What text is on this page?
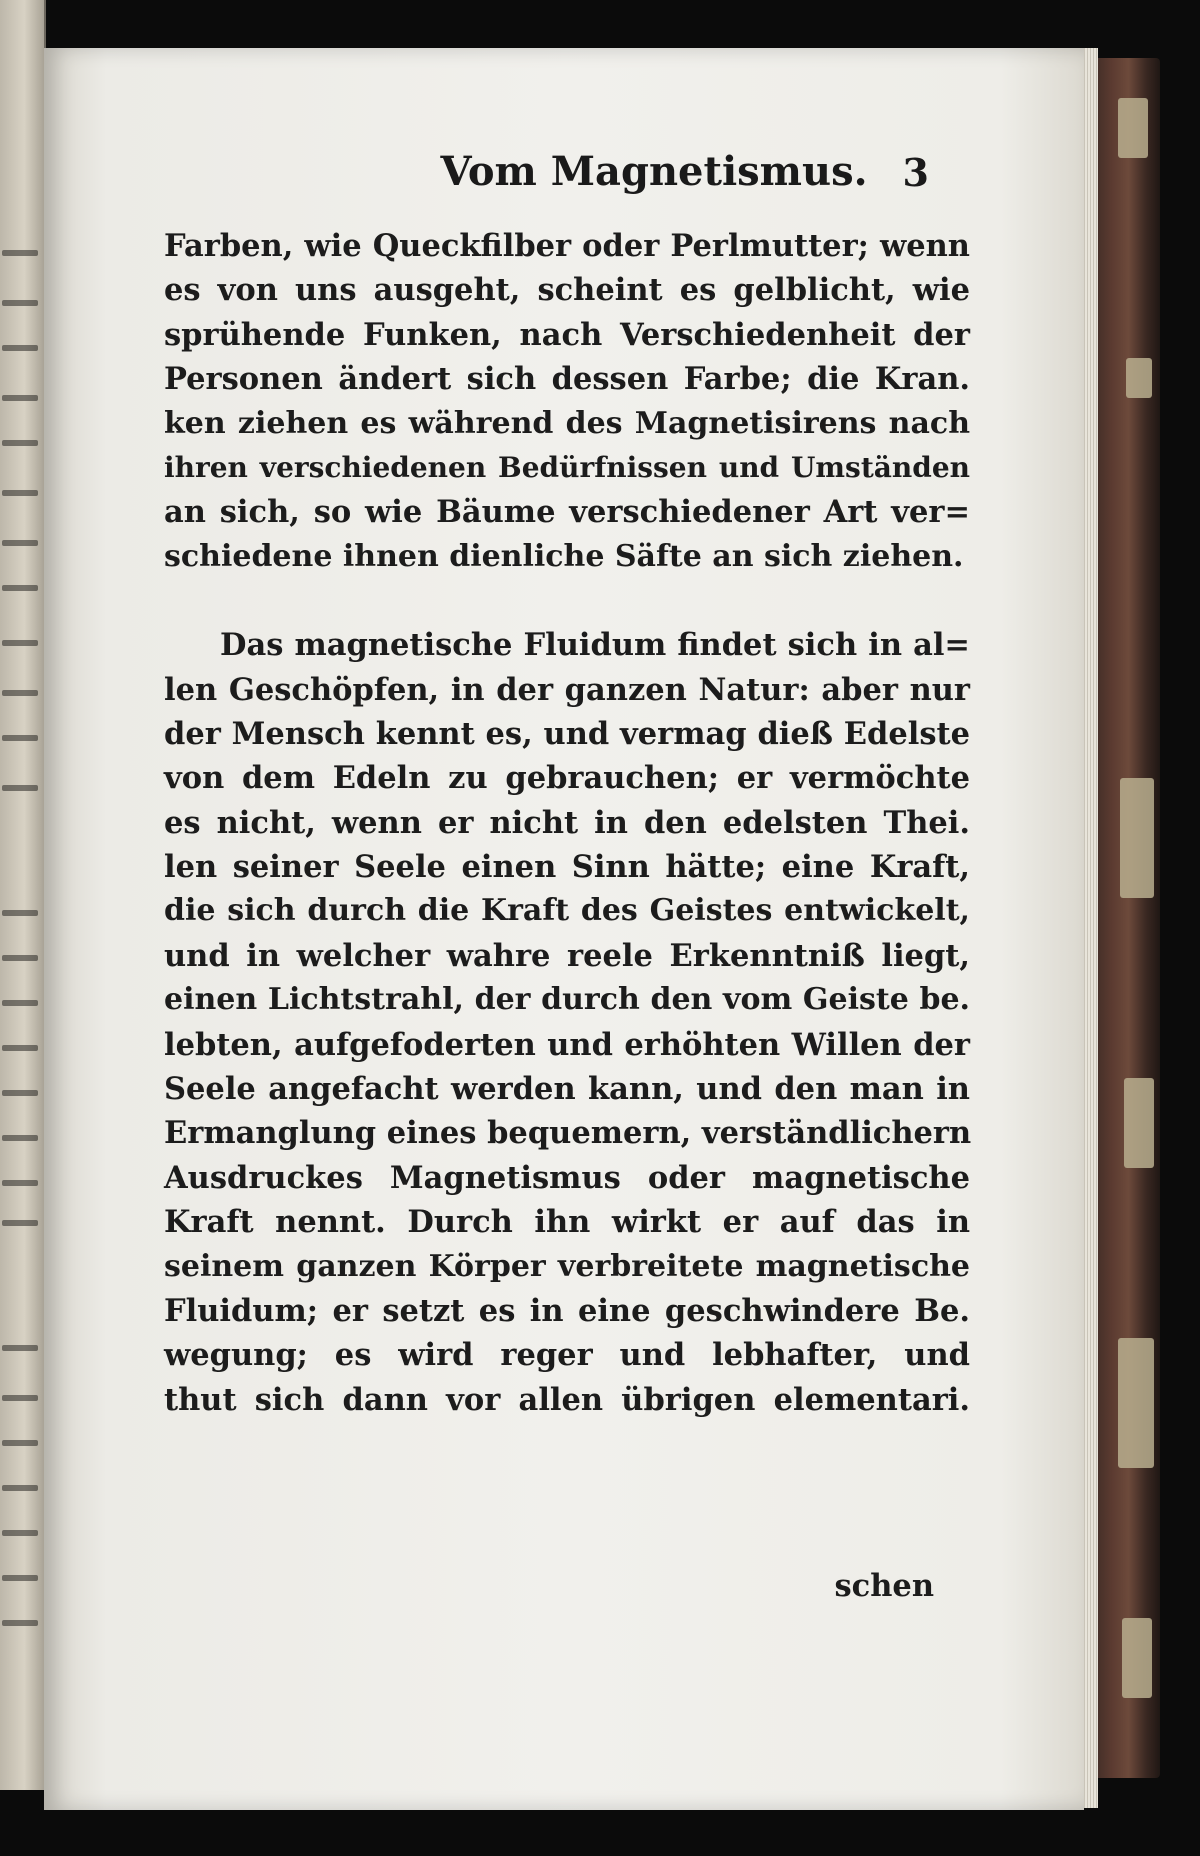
Vom Magnetismus. 3
Farben, wie Queckfilber oder Perlmutter; wenn
es von uns ausgeht, scheint es gelblicht, wie
sprühende Funken, nach Verschiedenheit der
Personen ändert sich dessen Farbe; die Kran.
ken ziehen es während des Magnetisirens nach
ihren verschiedenen Bedürfnissen und Umständen
an sich, so wie Bäume verschiedener Art ver=
schiedene ihnen dienliche Säfte an sich ziehen.
Das magnetische Fluidum findet sich in al=
len Geschöpfen, in der ganzen Natur: aber nur
der Mensch kennt es, und vermag dieß Edelste
von dem Edeln zu gebrauchen; er vermöchte
es nicht, wenn er nicht in den edelsten Thei.
len seiner Seele einen Sinn hätte; eine Kraft,
die sich durch die Kraft des Geistes entwickelt,
und in welcher wahre reele Erkenntniß liegt,
einen Lichtstrahl, der durch den vom Geiste be.
lebten, aufgefoderten und erhöhten Willen der
Seele angefacht werden kann, und den man in
Ermanglung eines bequemern, verständlichern
Ausdruckes Magnetismus oder magnetische
Kraft nennt. Durch ihn wirkt er auf das in
seinem ganzen Körper verbreitete magnetische
Fluidum; er setzt es in eine geschwindere Be.
wegung; es wird reger und lebhafter, und
thut sich dann vor allen übrigen elementari.
schen
